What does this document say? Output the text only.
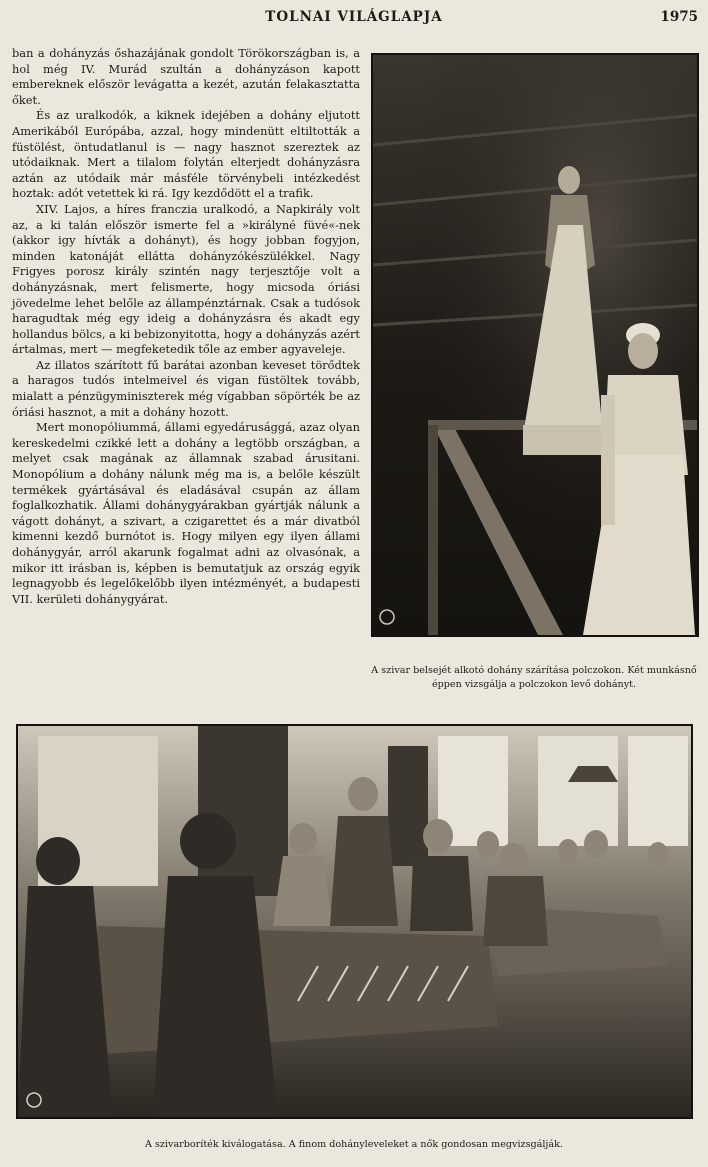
TOLNAI VILÁGLAPJA	1975

ban a dohányzás őshazájának gondolt Törökországban is, a hol még IV. Murád szultán a dohányzáson kapott embereknek először levágatta a kezét, azután felakasztatta őket.

És az uralkodók, a kiknek idejében a dohány eljutott Amerikából Európába, azzal, hogy mindenütt eltiltották a füstölést, öntudatlanul is — nagy hasznot szereztek az utódaiknak. Mert a tilalom folytán elterjedt dohányzásra aztán az utódaik már másféle törvénybeli intézkedést hoztak: adót vetettek ki rá. Igy kezdődött el a trafik.

XIV. Lajos, a híres franczia uralkodó, a Napkirály volt az, a ki talán először ismerte fel a »királyné füvé«-nek (akkor igy hívták a dohányt), és hogy jobban fogyjon, minden katonáját ellátta dohányzókészülékkel. Nagy Frigyes porosz király szintén nagy terjesztője volt a dohányzásnak, mert felismerte, hogy micsoda óriási jövedelme lehet belőle az állampénztárnak. Csak a tudósok haragudtak még egy ideig a dohányzásra és akadt egy hollandus bölcs, a ki bebizonyitotta, hogy a dohányzás azért ártalmas, mert — megfeketedik tőle az ember agyaveleje.

Az illatos szárított fű barátai azonban keveset törődtek a haragos tudós intelmeivel és vigan füstöltek tovább, mialatt a pénzügyminiszterek még vígabban söpörték be az óriási hasznot, a mit a dohány hozott.

Mert monopóliummá, állami egyedárusággá, azaz olyan kereskedelmi czikké lett a dohány a legtöbb országban, a melyet csak magának az államnak szabad árusitani. Monopólium a dohány nálunk még ma is, a belőle készült termékek gyártásával és eladásával csupán az állam foglalkozhatik. Állami dohánygyárakban gyártják nálunk a vágott dohányt, a szivart, a czigarettet és a már divatból kimenni kezdő burnótot is. Hogy milyen egy ilyen állami dohánygyár, arról akarunk fogalmat adni az olvasónak, a mikor itt irásban is, képben is bemutatjuk az ország egyik legnagyobb és legelőkelőbb ilyen intézményét, a budapesti VII. kerületi dohánygyárat.

A szivar belsejét alkotó dohány szárítása polczokon. Két munkásnő éppen vizsgálja a polczokon levő dohányt.
A szivarboríték kiválogatása. A finom dohányleveleket a nők gondosan megvizsgálják.
